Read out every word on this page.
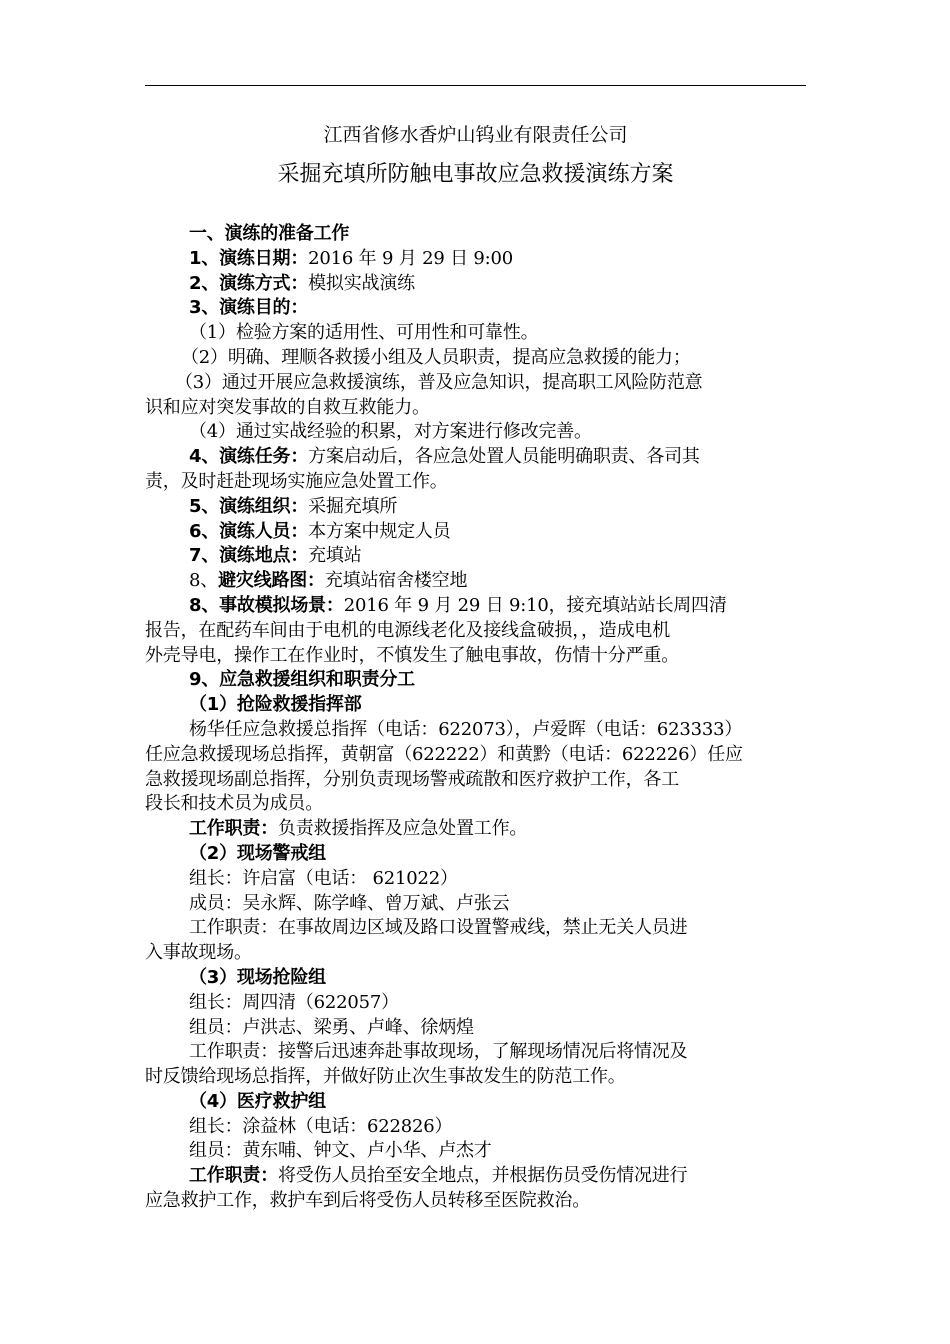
江西省修水香炉山钨业有限责任公司
采掘充填所防触电事故应急救援演练方案

一、演练的准备工作

1、演练日期：2016 年 9 月 29 日 9:00

2、演练方式：模拟实战演练

3、演练目的：

（1）检验方案的适用性、可用性和可靠性。

（2）明确、理顺各救援小组及人员职责，提高应急救援的能力；

（3）通过开展应急救援演练，普及应急知识，提高职工风险防范意

识和应对突发事故的自救互救能力。

（4）通过实战经验的积累，对方案进行修改完善。

4、演练任务：方案启动后，各应急处置人员能明确职责、各司其

责，及时赶赴现场实施应急处置工作。

5、演练组织：采掘充填所

6、演练人员：本方案中规定人员

7、演练地点：充填站

8、避灾线路图：充填站宿舍楼空地

8、事故模拟场景：2016 年 9 月 29 日 9:10，接充填站站长周四清

报告，在配药车间由于电机的电源线老化及接线盒破损，，造成电机

外壳导电，操作工在作业时，不慎发生了触电事故，伤情十分严重。

9、应急救援组织和职责分工

（1）抢险救援指挥部

杨华任应急救援总指挥（电话：622073），卢爱晖（电话：623333）

任应急救援现场总指挥，黄朝富（622222）和黄黔（电话：622226）任应

急救援现场副总指挥，分别负责现场警戒疏散和医疗救护工作，各工

段长和技术员为成员。

工作职责：负责救援指挥及应急处置工作。

（2）现场警戒组

组长：许启富（电话： 621022）

成员：吴永辉、陈学峰、曾万斌、卢张云

工作职责：在事故周边区域及路口设置警戒线，禁止无关人员进

入事故现场。

（3）现场抢险组

组长：周四清（622057）

组员：卢洪志、梁勇、卢峰、徐炳煌

工作职责：接警后迅速奔赴事故现场，了解现场情况后将情况及

时反馈给现场总指挥，并做好防止次生事故发生的防范工作。

（4）医疗救护组

组长：涂益林（电话：622826）

组员：黄东哺、钟文、卢小华、卢杰才

工作职责：将受伤人员抬至安全地点，并根据伤员受伤情况进行

应急救护工作，救护车到后将受伤人员转移至医院救治。
